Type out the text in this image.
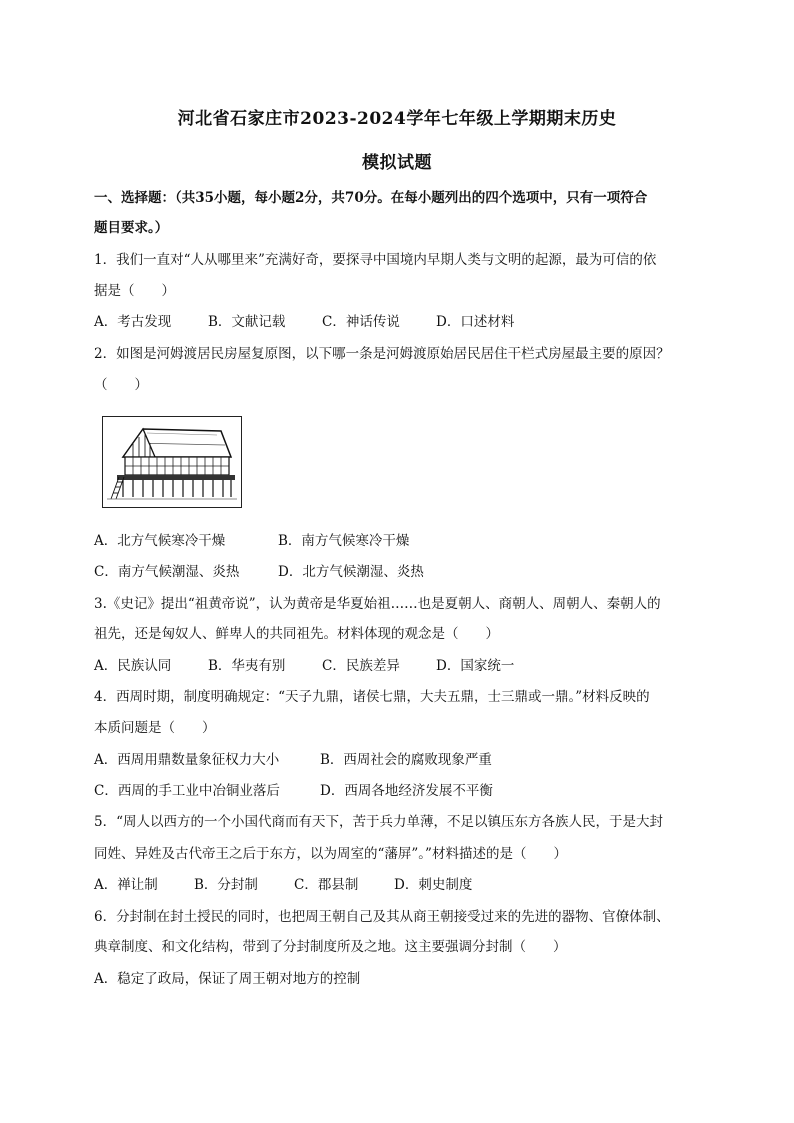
河北省石家庄市2023-2024学年七年级上学期期末历史
模拟试题
一、选择题：（共35小题，每小题2分，共70分。在每小题列出的四个选项中，只有一项符合
题目要求。）
1．我们一直对“人从哪里来”充满好奇，要探寻中国境内早期人类与文明的起源，最为可信的依
据是（　　）
A．考古发现	B．文献记载	C．神话传说	D．口述材料
2．如图是河姆渡居民房屋复原图，以下哪一条是河姆渡原始居民居住干栏式房屋最主要的原因？
（　　）
A．北方气候寒冷干燥	B．南方气候寒冷干燥
C．南方气候潮湿、炎热	D．北方气候潮湿、炎热
3.《史记》提出“祖黄帝说”，认为黄帝是华夏始祖……也是夏朝人、商朝人、周朝人、秦朝人的
祖先，还是匈奴人、鲜卑人的共同祖先。材料体现的观念是（　　）
A．民族认同	B．华夷有别	C．民族差异	D．国家统一
4．西周时期，制度明确规定：“天子九鼎，诸侯七鼎，大夫五鼎，士三鼎或一鼎。”材料反映的
本质问题是（　　）
A．西周用鼎数量象征权力大小	B．西周社会的腐败现象严重
C．西周的手工业中冶铜业落后	D．西周各地经济发展不平衡
5．“周人以西方的一个小国代商而有天下，苦于兵力单薄，不足以镇压东方各族人民，于是大封
同姓、异姓及古代帝王之后于东方，以为周室的“藩屏”。”材料描述的是（　　）
A．禅让制	B．分封制	C．郡县制	D．刺史制度
6．分封制在封土授民的同时，也把周王朝自己及其从商王朝接受过来的先进的器物、官僚体制、
典章制度、和文化结构，带到了分封制度所及之地。这主要强调分封制（　　）
A．稳定了政局，保证了周王朝对地方的控制
